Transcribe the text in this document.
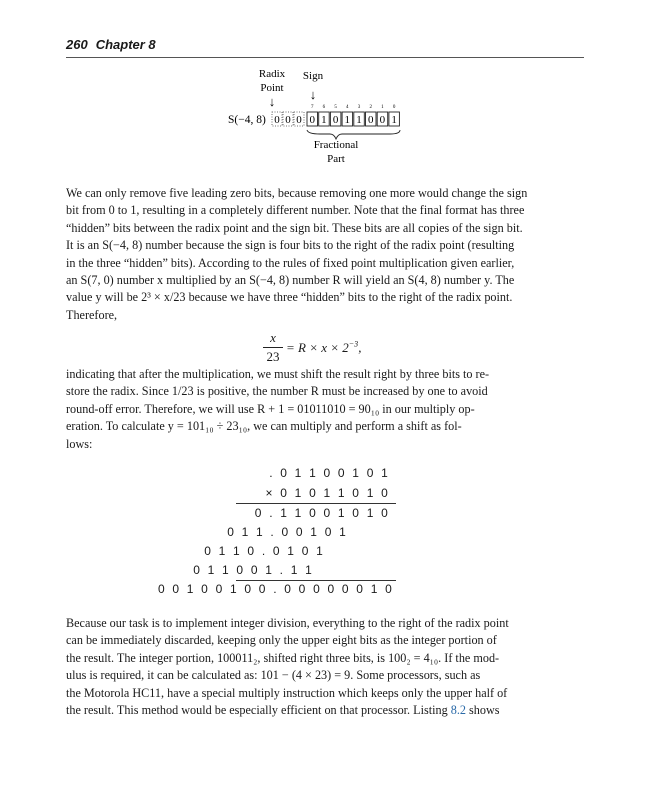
260 Chapter 8
Radix
Point
↓
Sign
↓
S(−4, 8)
7 6 5 4 3 2 1 0
0 0 0 0 1 0 1 1 0 0 1
Fractional
Part
We can only remove five leading zero bits, because removing one more would change the sign
bit from 0 to 1, resulting in a completely different number. Note that the final format has three
“hidden” bits between the radix point and the sign bit. These bits are all copies of the sign bit.
It is an S(−4, 8) number because the sign is four bits to the right of the radix point (resulting
in the three “hidden” bits). According to the rules of fixed point multiplication given earlier,
an S(7, 0) number x multiplied by an S(−4, 8) number R will yield an S(4, 8) number y. The
value y will be 2³ × x/23 because we have three “hidden” bits to the right of the radix point.
Therefore,
x
23
= $R \times x \times 2^{-3}$,
indicating that after the multiplication, we must shift the result right by three bits to re-
store the radix. Since 1/23 is positive, the number R must be increased by one to avoid
round-off error. Therefore, we will use R + 1 = 01011010 = 90₁₀ in our multiply op-
eration. To calculate y = 101₁₀ ÷ 23₁₀, we can multiply and perform a shift as fol-
lows:
. 0 1 1 0 0 1 0 1
× 0 1 0 1 1 0 1 0
0 . 1 1 0 0 1 0 1 0
0 1 1 . 0 0 1 0 1
0 1 1 0 . 0 1 0 1
0 1 1 0 0 1 . 1 1
0 0 1 0 0 1 0 0 . 0 0 0 0 0 0 1 0
Because our task is to implement integer division, everything to the right of the radix point
can be immediately discarded, keeping only the upper eight bits as the integer portion of
the result. The integer portion, 100011₂, shifted right three bits, is 100₂ = 4₁₀. If the mod-
ulus is required, it can be calculated as: 101 − (4 × 23) = 9. Some processors, such as
the Motorola HC11, have a special multiply instruction which keeps only the upper half of
the result. This method would be especially efficient on that processor. Listing 8.2 shows
